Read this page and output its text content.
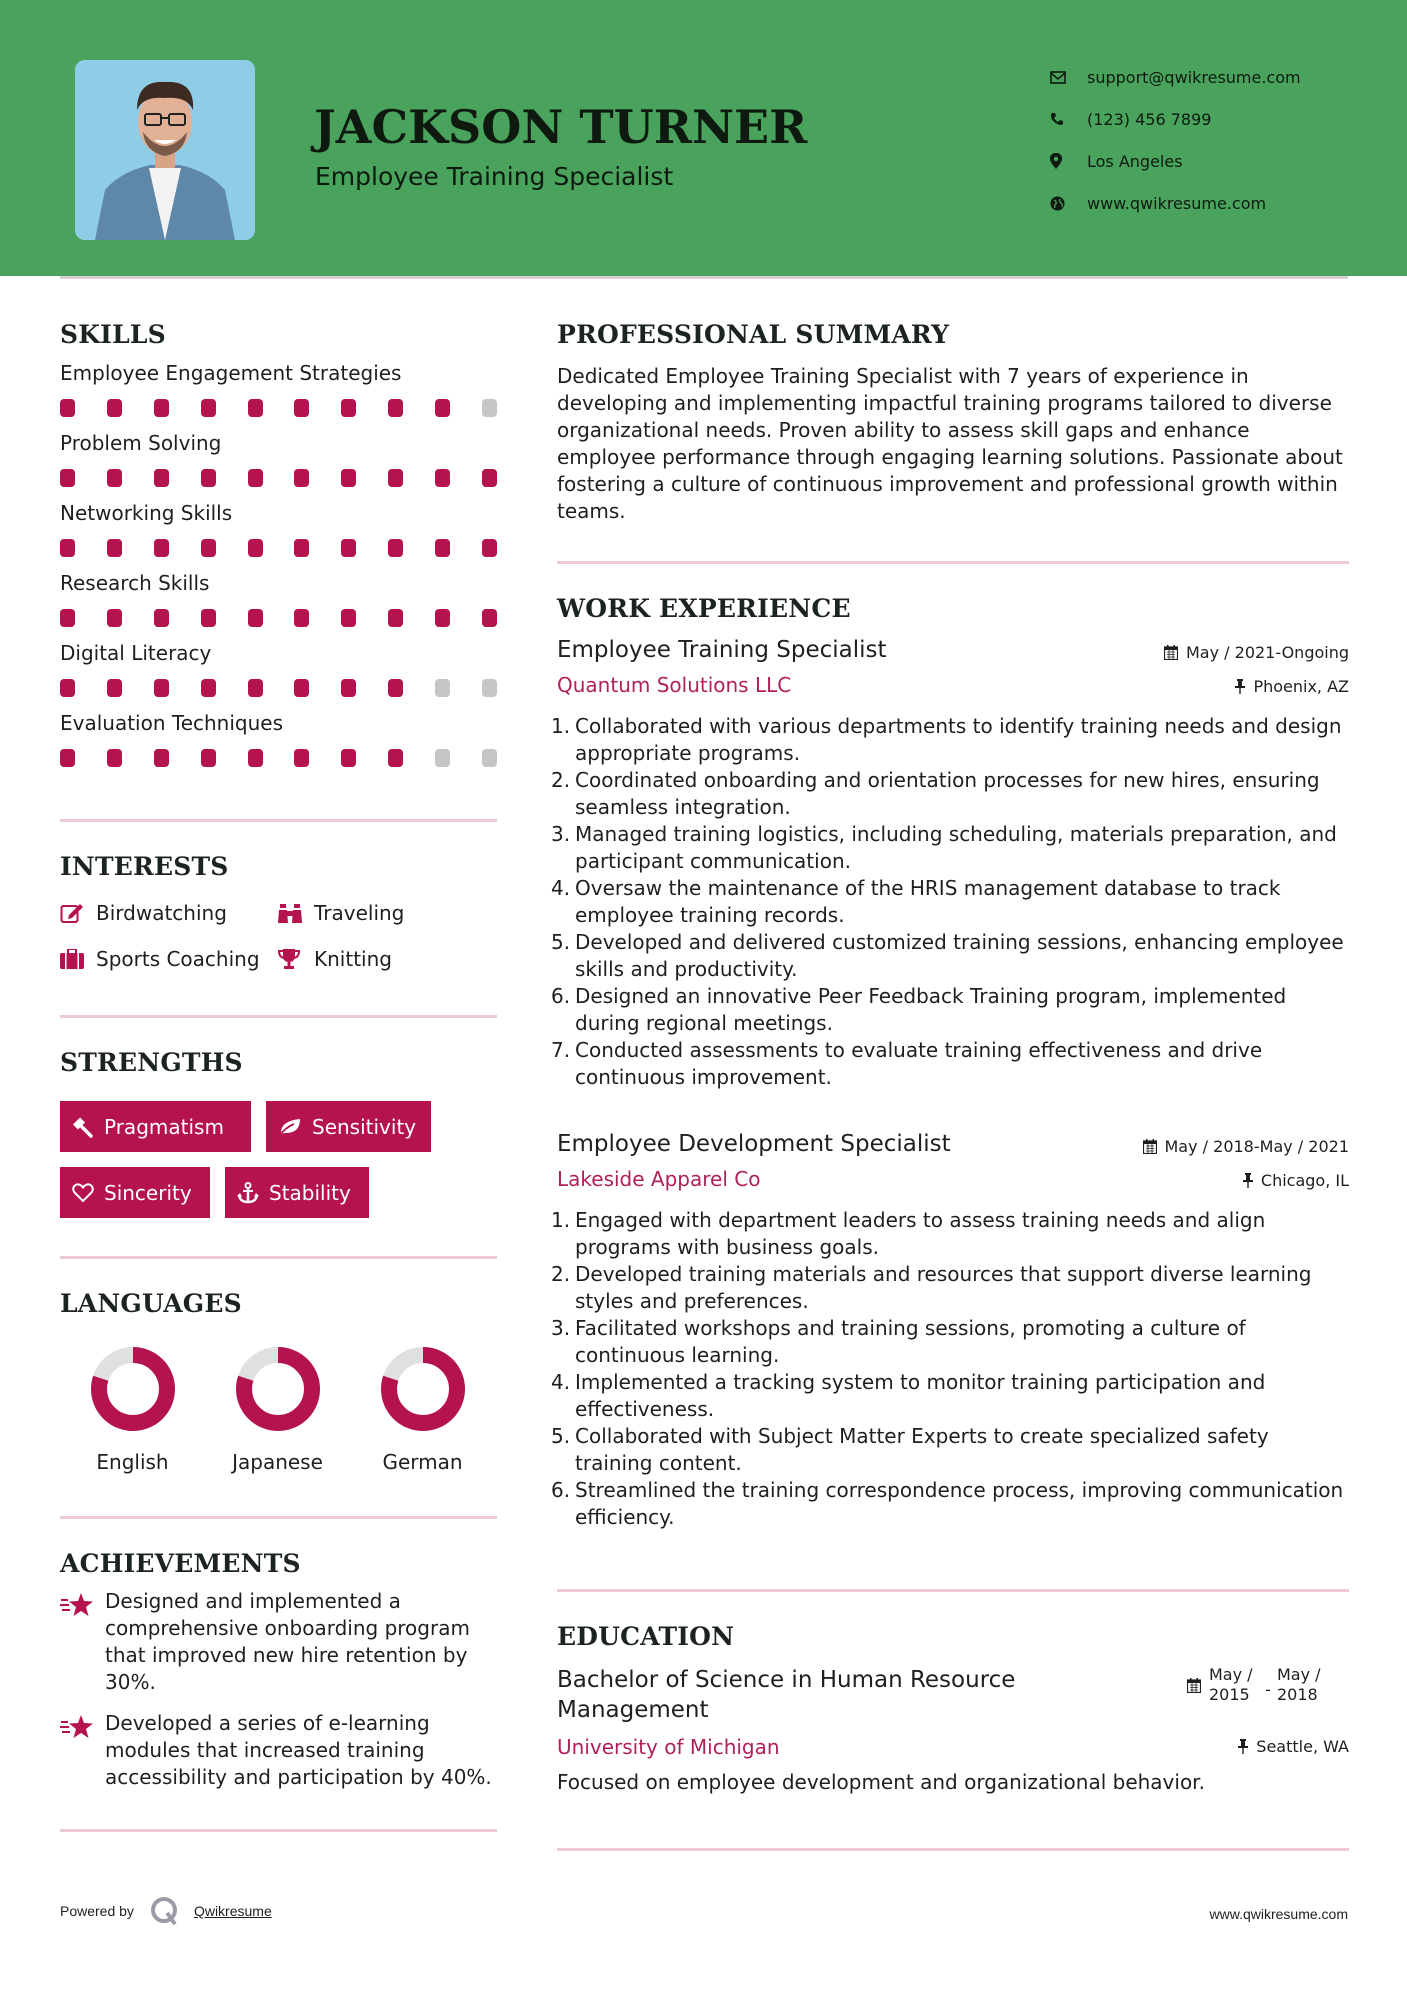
JACKSON TURNER
Employee Training Specialist
support@qwikresume.com
(123) 456 7899
Los Angeles
www.qwikresume.com
SKILLS
Employee Engagement Strategies
Problem Solving
Networking Skills
Research Skills
Digital Literacy
Evaluation Techniques
INTERESTS
Birdwatching	Traveling
Sports Coaching	Knitting
STRENGTHS
Pragmatism	Sensitivity
Sincerity	Stability
LANGUAGES
English	Japanese	German
ACHIEVEMENTS
Designed and implemented a comprehensive onboarding program that improved new hire retention by 30%.
Developed a series of e-learning modules that increased training accessibility and participation by 40%.
PROFESSIONAL SUMMARY

Dedicated Employee Training Specialist with 7 years of experience in developing and implementing impactful training programs tailored to diverse organizational needs. Proven ability to assess skill gaps and enhance employee performance through engaging learning solutions. Passionate about fostering a culture of continuous improvement and professional growth within teams.

WORK EXPERIENCE
Employee Training Specialist	May / 2021-Ongoing
Quantum Solutions LLC	Phoenix, AZ
1. Collaborated with various departments to identify training needs and design appropriate programs.
2. Coordinated onboarding and orientation processes for new hires, ensuring seamless integration.
3. Managed training logistics, including scheduling, materials preparation, and participant communication.
4. Oversaw the maintenance of the HRIS management database to track employee training records.
5. Developed and delivered customized training sessions, enhancing employee skills and productivity.
6. Designed an innovative Peer Feedback Training program, implemented during regional meetings.
7. Conducted assessments to evaluate training effectiveness and drive continuous improvement.
Employee Development Specialist	May / 2018-May / 2021
Lakeside Apparel Co	Chicago, IL
1. Engaged with department leaders to assess training needs and align programs with business goals.
2. Developed training materials and resources that support diverse learning styles and preferences.
3. Facilitated workshops and training sessions, promoting a culture of continuous learning.
4. Implemented a tracking system to monitor training participation and effectiveness.
5. Collaborated with Subject Matter Experts to create specialized safety training content.
6. Streamlined the training correspondence process, improving communication efficiency.
EDUCATION
Bachelor of Science in Human Resource Management
May / 2015 -
May / 2018
University of Michigan	Seattle, WA

Focused on employee development and organizational behavior.

Powered by	Qwikresume	www.qwikresume.com
